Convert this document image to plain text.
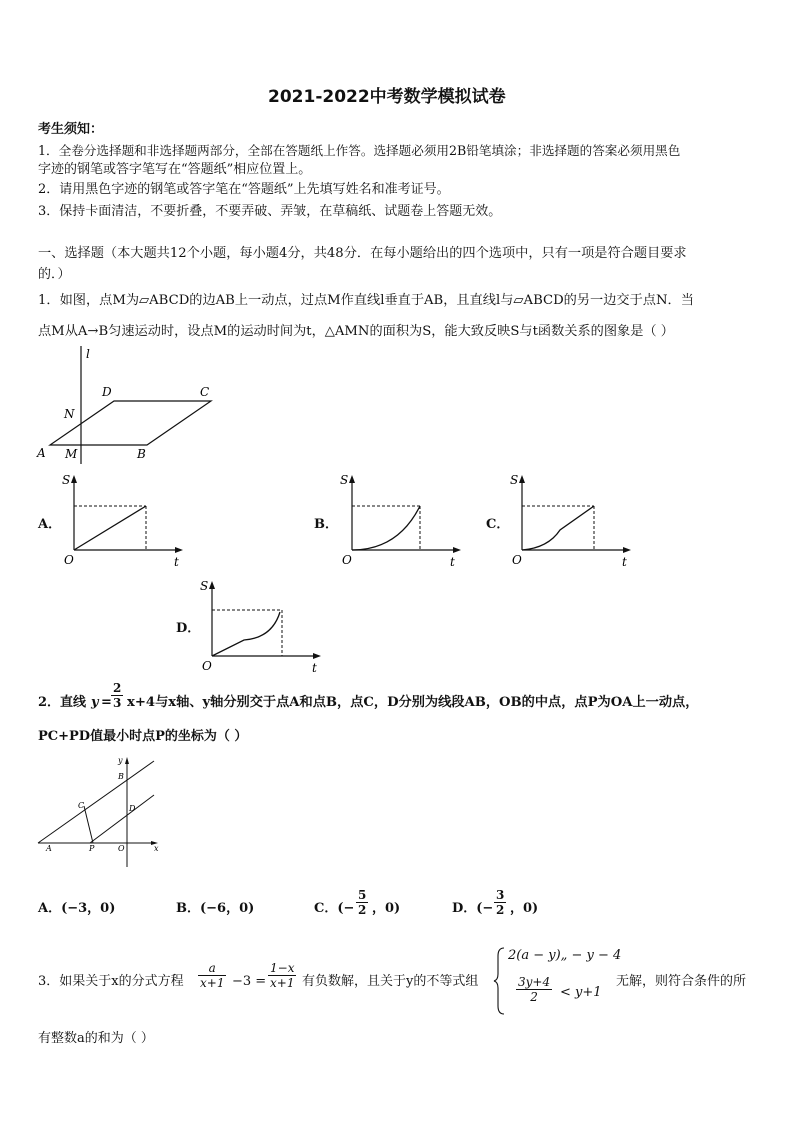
2021-2022中考数学模拟试卷
考生须知：
1．全卷分选择题和非选择题两部分，全部在答题纸上作答。选择题必须用2B铅笔填涂；非选择题的答案必须用黑色
字迹的钢笔或答字笔写在“答题纸”相应位置上。
2．请用黑色字迹的钢笔或答字笔在“答题纸”上先填写姓名和准考证号。
3．保持卡面清洁，不要折叠，不要弄破、弄皱，在草稿纸、试题卷上答题无效。
一、选择题（本大题共12个小题，每小题4分，共48分．在每小题给出的四个选项中，只有一项是符合题目要求
的．）
1．如图，点M为▱ABCD的边AB上一动点，过点M作直线l垂直于AB，且直线l与▱ABCD的另一边交于点N．当
点M从A→B匀速运动时，设点M的运动时间为t，△AMN的面积为S，能大致反映S与t函数关系的图象是（ ）
l
D	C
N
A M	B
A．
S
O	t
B．
S
O	t
C．
S
O	t
D．
S
O	t
2．直线 $y = \frac{2}{3} x+4$与x轴、y轴分别交于点A和点B，点C，D分别为线段AB，OB的中点，点P为OA上一动点，
PC+PD值最小时点P的坐标为（ ）
y
B
C	D
A	P	O	x
A．(−3，0)	B．(−6，0)	C．(− $\frac{5}{2}$ ，0)	D．(− $\frac{3}{2}$ ，0)
3．如果关于x的分式方程 $\frac{a}{x+1} -3 = \frac{1-x}{x+1}$ 有负数解，且关于y的不等式组
2(a − y)„ − y − 4
$\frac{3y+4}{2} < y+1$
无解，则符合条件的所
有整数a的和为（ ）
